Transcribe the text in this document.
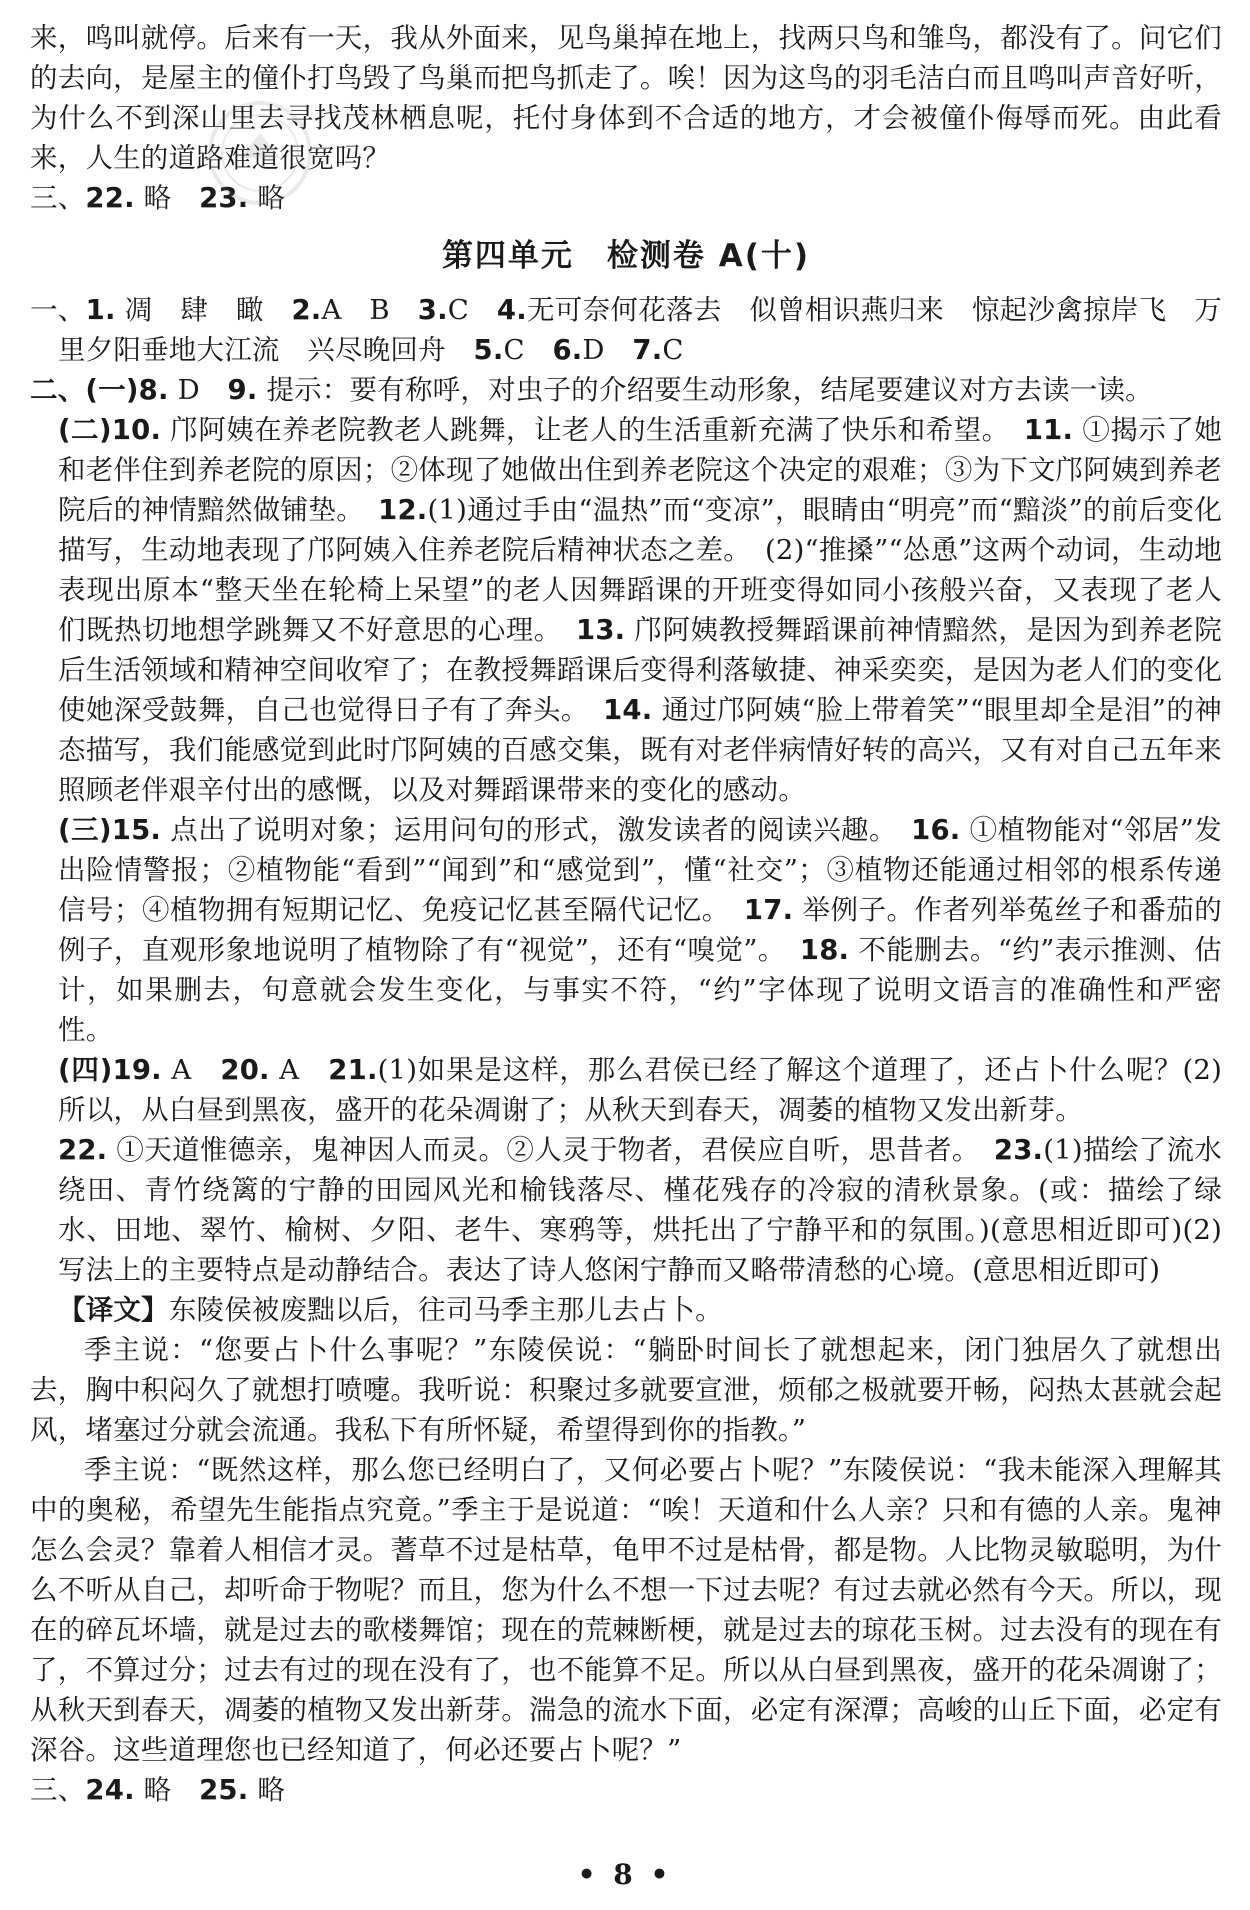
来，鸣叫就停。后来有一天，我从外面来，见鸟巢掉在地上，找两只鸟和雏鸟，都没有了。问它们的去向，是屋主的僮仆打鸟毁了鸟巢而把鸟抓走了。唉！因为这鸟的羽毛洁白而且鸣叫声音好听，为什么不到深山里去寻找茂林栖息呢，托付身体到不合适的地方，才会被僮仆侮辱而死。由此看来，人生的道路难道很宽吗？

三、22. 略　23. 略

第四单元　检测卷 A(十)

一、1. 凋　肆　瞰　2.A　B　3.C　4.无可奈何花落去　似曾相识燕归来　惊起沙禽掠岸飞　万里夕阳垂地大江流　兴尽晚回舟　5.C　6.D　7.C

二、(一)8. D　9. 提示：要有称呼，对虫子的介绍要生动形象，结尾要建议对方去读一读。

(二)10. 邝阿姨在养老院教老人跳舞，让老人的生活重新充满了快乐和希望。　11. ①揭示了她和老伴住到养老院的原因；②体现了她做出住到养老院这个决定的艰难；③为下文邝阿姨到养老院后的神情黯然做铺垫。　12.(1)通过手由“温热”而“变凉”，眼睛由“明亮”而“黯淡”的前后变化描写，生动地表现了邝阿姨入住养老院后精神状态之差。　(2)“推搡”“怂恿”这两个动词，生动地表现出原本“整天坐在轮椅上呆望”的老人因舞蹈课的开班变得如同小孩般兴奋，又表现了老人们既热切地想学跳舞又不好意思的心理。　13. 邝阿姨教授舞蹈课前神情黯然，是因为到养老院后生活领域和精神空间收窄了；在教授舞蹈课后变得利落敏捷、神采奕奕，是因为老人们的变化使她深受鼓舞，自己也觉得日子有了奔头。　14. 通过邝阿姨“脸上带着笑”“眼里却全是泪”的神态描写，我们能感觉到此时邝阿姨的百感交集，既有对老伴病情好转的高兴，又有对自己五年来照顾老伴艰辛付出的感慨，以及对舞蹈课带来的变化的感动。

(三)15. 点出了说明对象；运用问句的形式，激发读者的阅读兴趣。　16. ①植物能对“邻居”发出险情警报；②植物能“看到”“闻到”和“感觉到”，懂“社交”；③植物还能通过相邻的根系传递信号；④植物拥有短期记忆、免疫记忆甚至隔代记忆。　17. 举例子。作者列举菟丝子和番茄的例子，直观形象地说明了植物除了有“视觉”，还有“嗅觉”。　18. 不能删去。“约”表示推测、估计，如果删去，句意就会发生变化，与事实不符，“约”字体现了说明文语言的准确性和严密性。

(四)19. A　20. A　21.(1)如果是这样，那么君侯已经了解这个道理了，还占卜什么呢？(2)所以，从白昼到黑夜，盛开的花朵凋谢了；从秋天到春天，凋萎的植物又发出新芽。

22. ①天道惟德亲，鬼神因人而灵。②人灵于物者，君侯应自听，思昔者。　23.(1)描绘了流水绕田、青竹绕篱的宁静的田园风光和榆钱落尽、槿花残存的冷寂的清秋景象。(或：描绘了绿水、田地、翠竹、榆树、夕阳、老牛、寒鸦等，烘托出了宁静平和的氛围。)(意思相近即可)(2)写法上的主要特点是动静结合。表达了诗人悠闲宁静而又略带清愁的心境。(意思相近即可)

【译文】东陵侯被废黜以后，往司马季主那儿去占卜。

季主说：“您要占卜什么事呢？”东陵侯说：“躺卧时间长了就想起来，闭门独居久了就想出去，胸中积闷久了就想打喷嚏。我听说：积聚过多就要宣泄，烦郁之极就要开畅，闷热太甚就会起风，堵塞过分就会流通。我私下有所怀疑，希望得到你的指教。”

季主说：“既然这样，那么您已经明白了，又何必要占卜呢？”东陵侯说：“我未能深入理解其中的奥秘，希望先生能指点究竟。”季主于是说道：“唉！天道和什么人亲？只和有德的人亲。鬼神怎么会灵？靠着人相信才灵。蓍草不过是枯草，龟甲不过是枯骨，都是物。人比物灵敏聪明，为什么不听从自己，却听命于物呢？而且，您为什么不想一下过去呢？有过去就必然有今天。所以，现在的碎瓦坏墙，就是过去的歌楼舞馆；现在的荒棘断梗，就是过去的琼花玉树。过去没有的现在有了，不算过分；过去有过的现在没有了，也不能算不足。所以从白昼到黑夜，盛开的花朵凋谢了；从秋天到春天，凋萎的植物又发出新芽。湍急的流水下面，必定有深潭；高峻的山丘下面，必定有深谷。这些道理您也已经知道了，何必还要占卜呢？”

三、24. 略　25. 略

• 8 •
